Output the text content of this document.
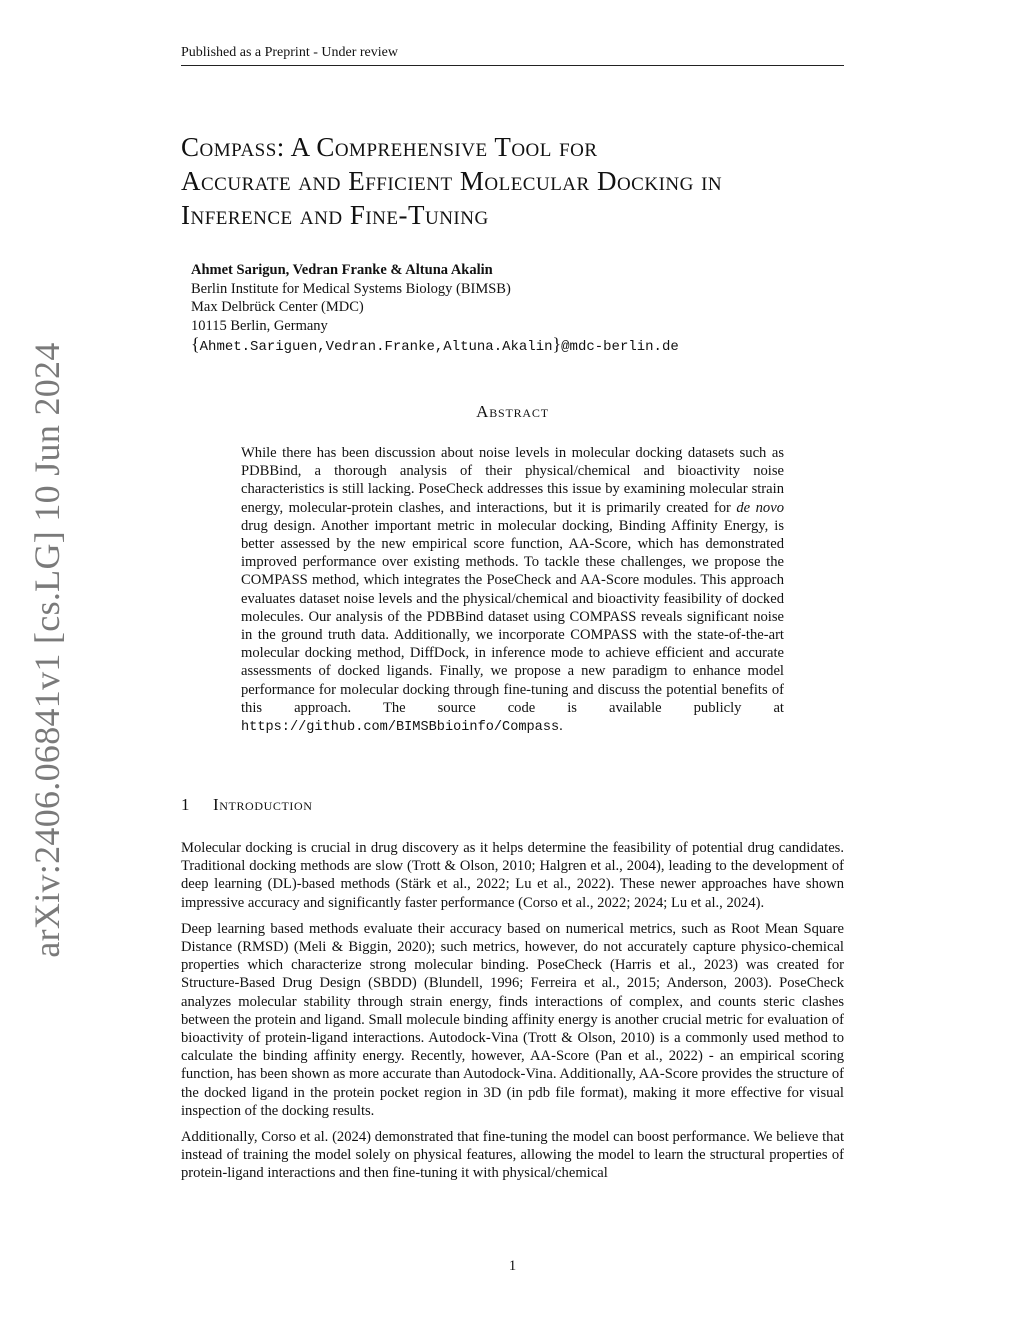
Published as a Preprint - Under review
arXiv:2406.06841v1 [cs.LG] 10 Jun 2024
Compass: A Comprehensive Tool for
Accurate and Efficient Molecular Docking in
Inference and Fine-Tuning
Ahmet Sarigun, Vedran Franke & Altuna Akalin
Berlin Institute for Medical Systems Biology (BIMSB)
Max Delbrück Center (MDC)
10115 Berlin, Germany
{Ahmet.Sariguen,Vedran.Franke,Altuna.Akalin}@mdc-berlin.de
Abstract
While there has been discussion about noise levels in molecular docking datasets such as PDBBind, a thorough analysis of their physical/chemical and bioactivity noise characteristics is still lacking. PoseCheck addresses this issue by examining molecular strain energy, molecular-protein clashes, and interactions, but it is primarily created for de novo drug design. Another important metric in molecular docking, Binding Affinity Energy, is better assessed by the new empirical score function, AA-Score, which has demonstrated improved performance over existing methods. To tackle these challenges, we propose the COMPASS method, which integrates the PoseCheck and AA-Score modules. This approach evaluates dataset noise levels and the physical/chemical and bioactivity feasibility of docked molecules. Our analysis of the PDBBind dataset using COMPASS reveals significant noise in the ground truth data. Additionally, we incorporate COMPASS with the state-of-the-art molecular docking method, DiffDock, in inference mode to achieve efficient and accurate assessments of docked ligands. Finally, we propose a new paradigm to enhance model performance for molecular docking through fine-tuning and discuss the potential benefits of this approach. The source code is available publicly at https://github.com/BIMSBbioinfo/Compass.
1 Introduction

Molecular docking is crucial in drug discovery as it helps determine the feasibility of potential drug candidates. Traditional docking methods are slow (Trott & Olson, 2010; Halgren et al., 2004), leading to the development of deep learning (DL)-based methods (Stärk et al., 2022; Lu et al., 2022). These newer approaches have shown impressive accuracy and significantly faster performance (Corso et al., 2022; 2024; Lu et al., 2024).

Deep learning based methods evaluate their accuracy based on numerical metrics, such as Root Mean Square Distance (RMSD) (Meli & Biggin, 2020); such metrics, however, do not accurately capture physico-chemical properties which characterize strong molecular binding. PoseCheck (Harris et al., 2023) was created for Structure-Based Drug Design (SBDD) (Blundell, 1996; Ferreira et al., 2015; Anderson, 2003). PoseCheck analyzes molecular stability through strain energy, finds interactions of complex, and counts steric clashes between the protein and ligand. Small molecule binding affinity energy is another crucial metric for evaluation of bioactivity of protein-ligand interactions. Autodock-Vina (Trott & Olson, 2010) is a commonly used method to calculate the binding affinity energy. Recently, however, AA-Score (Pan et al., 2022) - an empirical scoring function, has been shown as more accurate than Autodock-Vina. Additionally, AA-Score provides the structure of the docked ligand in the protein pocket region in 3D (in pdb file format), making it more effective for visual inspection of the docking results.

Additionally, Corso et al. (2024) demonstrated that fine-tuning the model can boost performance. We believe that instead of training the model solely on physical features, allowing the model to learn the structural properties of protein-ligand interactions and then fine-tuning it with physical/chemical

1
